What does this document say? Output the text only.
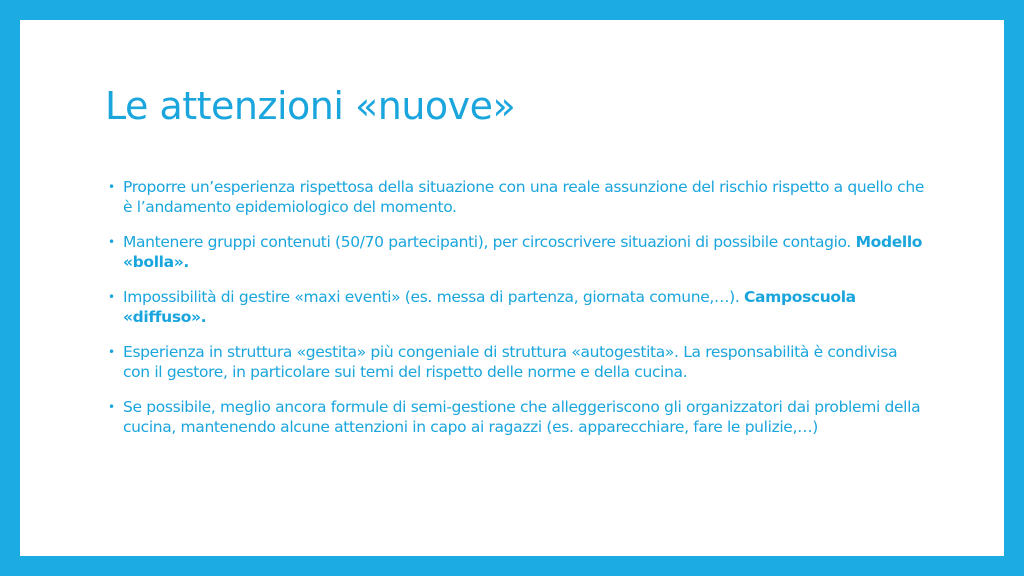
Le attenzioni «nuove»
• Proporre un’esperienza rispettosa della situazione con una reale assunzione del rischio rispetto a quello che è l’andamento epidemiologico del momento.
• Mantenere gruppi contenuti (50/70 partecipanti), per circoscrivere situazioni di possibile contagio. Modello «bolla».
• Impossibilità di gestire «maxi eventi» (es. messa di partenza, giornata comune,…). Camposcuola «diffuso».
• Esperienza in struttura «gestita» più congeniale di struttura «autogestita». La responsabilità è condivisa con il gestore, in particolare sui temi del rispetto delle norme e della cucina.
• Se possibile, meglio ancora formule di semi-gestione che alleggeriscono gli organizzatori dai problemi della cucina, mantenendo alcune attenzioni in capo ai ragazzi (es. apparecchiare, fare le pulizie,…)
